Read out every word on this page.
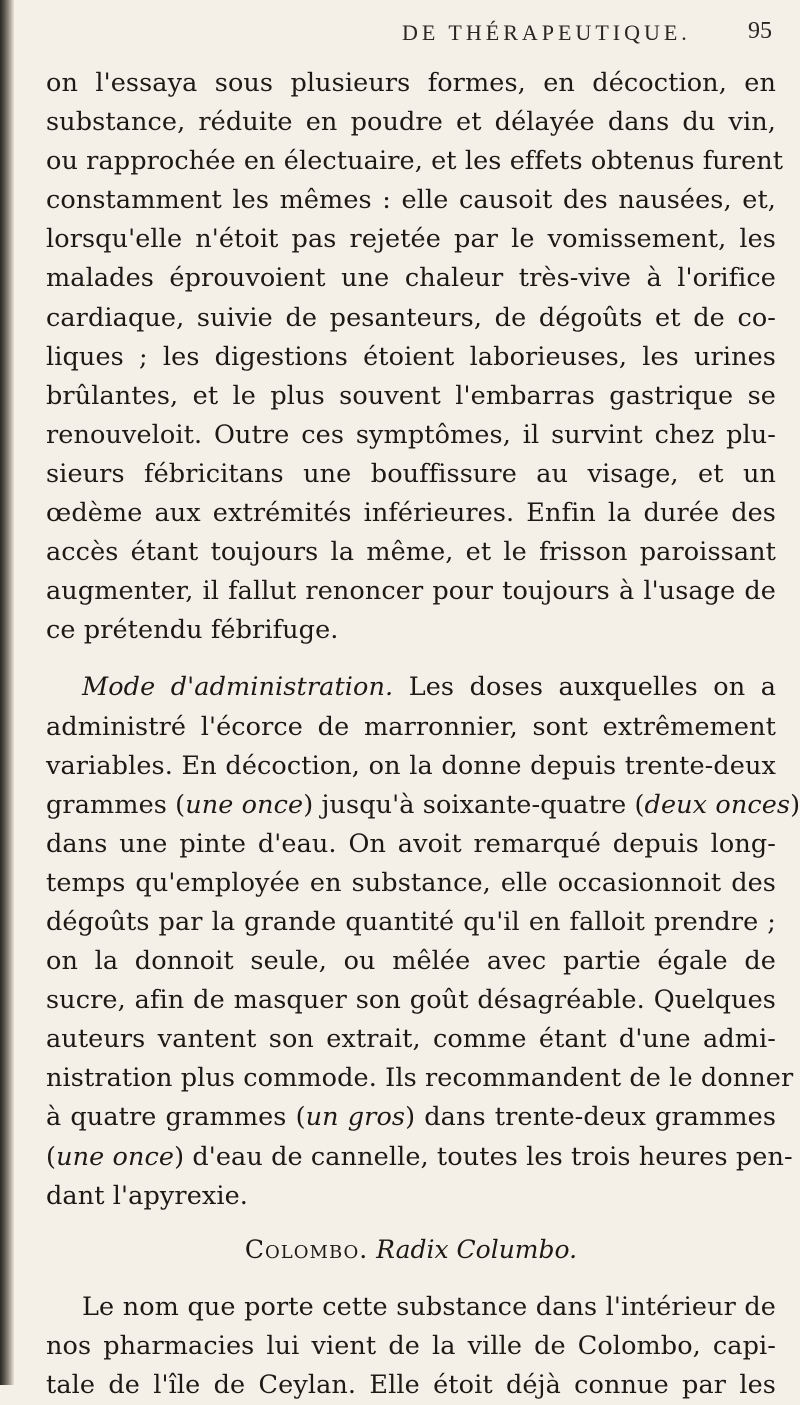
DE THÉRAPEUTIQUE. 95

on l'essaya sous plusieurs formes, en décoction, en
substance, réduite en poudre et délayée dans du vin,
ou rapprochée en électuaire, et les effets obtenus furent
constamment les mêmes : elle causoit des nausées, et,
lorsqu'elle n'étoit pas rejetée par le vomissement, les
malades éprouvoient une chaleur très-vive à l'orifice
cardiaque, suivie de pesanteurs, de dégoûts et de co-
liques ; les digestions étoient laborieuses, les urines
brûlantes, et le plus souvent l'embarras gastrique se
renouveloit. Outre ces symptômes, il survint chez plu-
sieurs fébricitans une bouffissure au visage, et un
œdème aux extrémités inférieures. Enfin la durée des
accès étant toujours la même, et le frisson paroissant
augmenter, il fallut renoncer pour toujours à l'usage de
ce prétendu fébrifuge.

Mode d'administration. Les doses auxquelles on a
administré l'écorce de marronnier, sont extrêmement
variables. En décoction, on la donne depuis trente-deux
grammes (une once) jusqu'à soixante-quatre (deux onces)
dans une pinte d'eau. On avoit remarqué depuis long-
temps qu'employée en substance, elle occasionnoit des
dégoûts par la grande quantité qu'il en falloit prendre ;
on la donnoit seule, ou mêlée avec partie égale de
sucre, afin de masquer son goût désagréable. Quelques
auteurs vantent son extrait, comme étant d'une admi-
nistration plus commode. Ils recommandent de le donner
à quatre grammes (un gros) dans trente-deux grammes
(une once) d'eau de cannelle, toutes les trois heures pen-
dant l'apyrexie.

Colombo. Radix Columbo.

Le nom que porte cette substance dans l'intérieur de
nos pharmacies lui vient de la ville de Colombo, capi-
tale de l'île de Ceylan. Elle étoit déjà connue par les
